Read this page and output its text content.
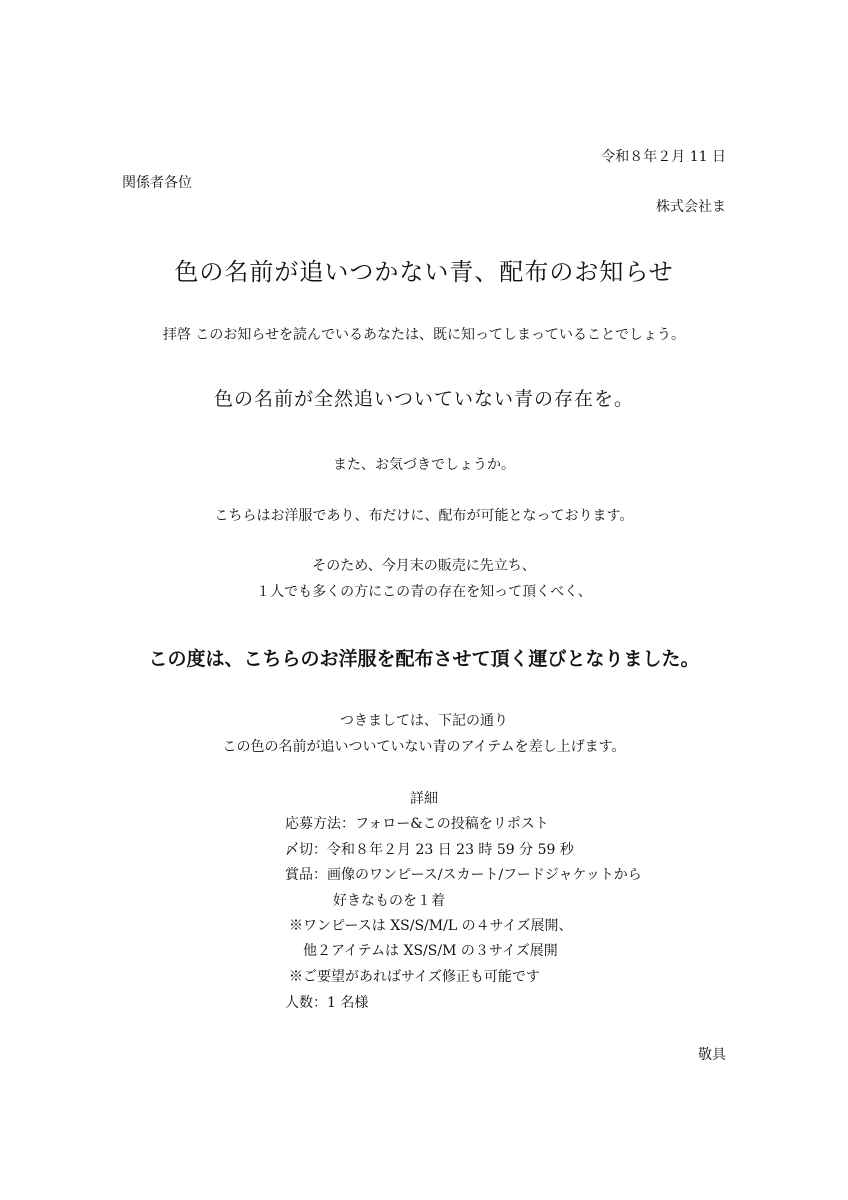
令和８年２月 11 日
関係者各位
株式会社ま
色の名前が追いつかない青、配布のお知らせ
拝啓 このお知らせを読んでいるあなたは、既に知ってしまっていることでしょう。
色の名前が全然追いついていない青の存在を。
また、お気づきでしょうか。
こちらはお洋服であり、布だけに、配布が可能となっております。
そのため、今月末の販売に先立ち、
１人でも多くの方にこの青の存在を知って頂くべく、
この度は、こちらのお洋服を配布させて頂く運びとなりました。
つきましては、下記の通り
この色の名前が追いついていない青のアイテムを差し上げます。
詳細
応募方法：フォロー&この投稿をリポスト
〆切：令和８年２月 23 日 23 時 59 分 59 秒
賞品：画像のワンピース/スカート/フードジャケットから
好きなものを１着
※ワンピースは XS/S/M/L の４サイズ展開、
他２アイテムは XS/S/M の３サイズ展開
※ご要望があればサイズ修正も可能です
人数：1 名様
敬具
